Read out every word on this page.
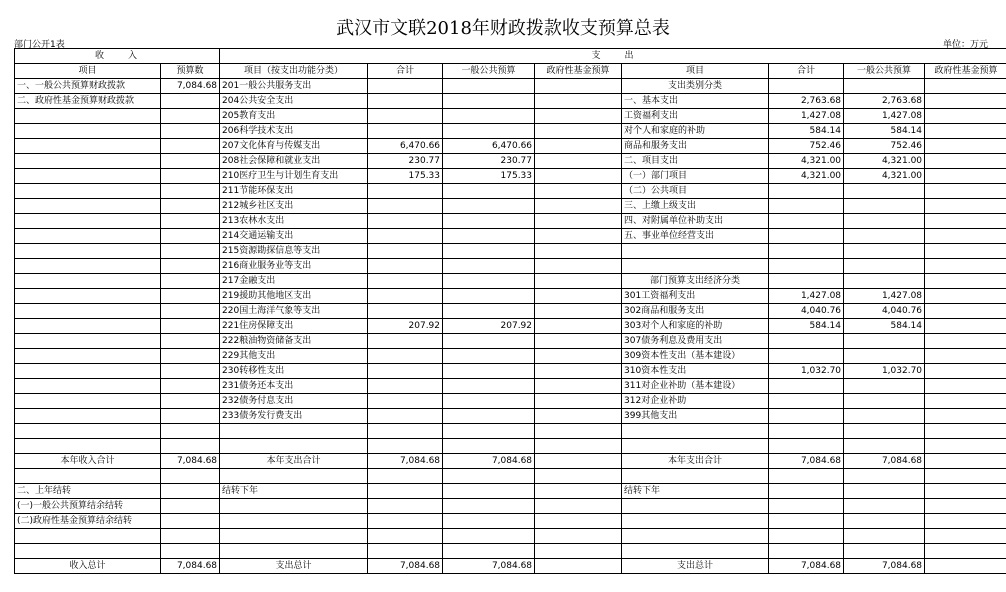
武汉市文联2018年财政拨款收支预算总表
部门公开1表	单位：万元
收　　入		支　　出							
项目	预算数	项目（按支出功能分类）	合计	一般公共预算	政府性基金预算	项目	合计	一般公共预算	政府性基金预算
一、一般公共预算财政拨款	7,084.68	201一般公共服务支出				支出类别分类			
二、政府性基金预算财政拨款		204公共安全支出				一、基本支出	2,763.68	2,763.68	
		205教育支出				工资福利支出	1,427.08	1,427.08	
		206科学技术支出				对个人和家庭的补助	584.14	584.14	
		207文化体育与传媒支出	6,470.66	6,470.66		商品和服务支出	752.46	752.46	
		208社会保障和就业支出	230.77	230.77		二、项目支出	4,321.00	4,321.00	
		210医疗卫生与计划生育支出	175.33	175.33		（一）部门项目	4,321.00	4,321.00	
		211节能环保支出				（二）公共项目			
		212城乡社区支出				三、上缴上级支出			
		213农林水支出				四、对附属单位补助支出			
		214交通运输支出				五、事业单位经营支出			
		215资源勘探信息等支出							
		216商业服务业等支出							
		217金融支出				部门预算支出经济分类			
		219援助其他地区支出				301工资福利支出	1,427.08	1,427.08	
		220国土海洋气象等支出				302商品和服务支出	4,040.76	4,040.76	
		221住房保障支出	207.92	207.92		303对个人和家庭的补助	584.14	584.14	
		222粮油物资储备支出				307债务利息及费用支出			
		229其他支出				309资本性支出（基本建设）			
		230转移性支出				310资本性支出	1,032.70	1,032.70	
		231债务还本支出				311对企业补助（基本建设）			
		232债务付息支出				312对企业补助			
		233债务发行费支出				399其他支出			

本年收入合计	7,084.68	本年支出合计	7,084.68	7,084.68		本年支出合计	7,084.68	7,084.68	

二、上年结转		结转下年				结转下年			
(一)一般公共预算结余结转									
(二)政府性基金预算结余结转									

收入总计	7,084.68	支出总计	7,084.68	7,084.68		支出总计	7,084.68	7,084.68	
